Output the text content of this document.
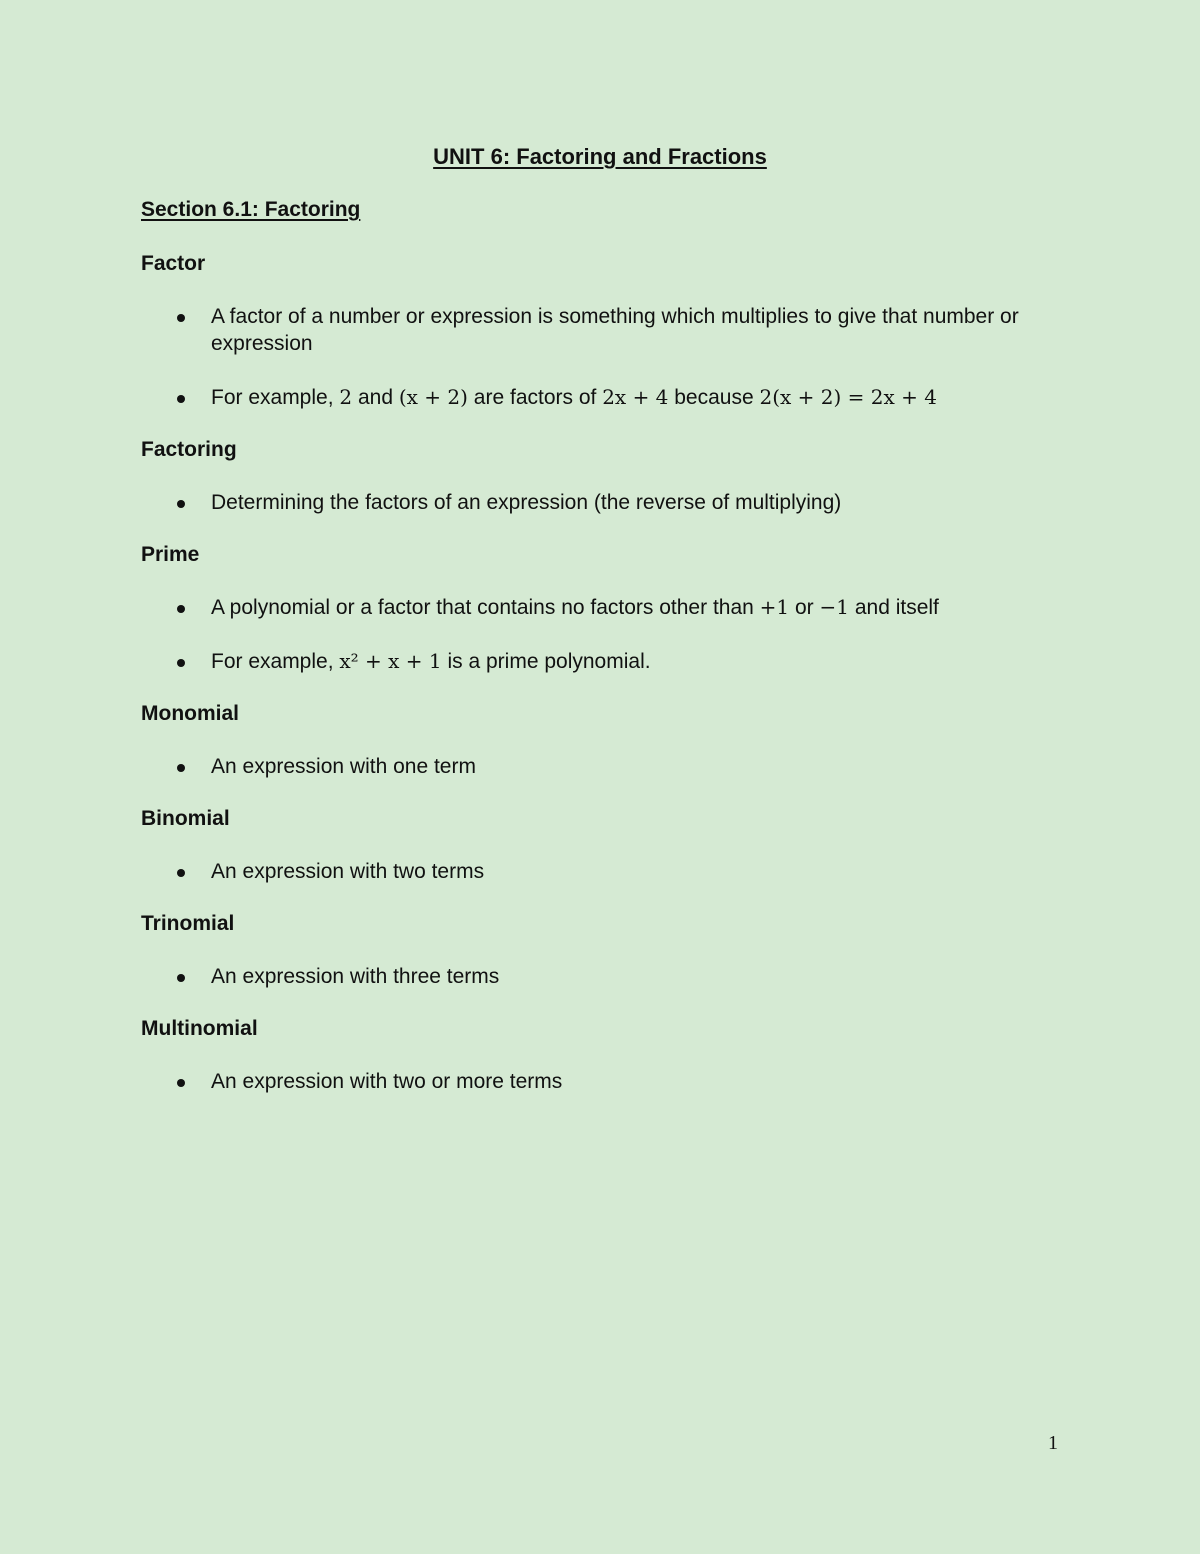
UNIT 6: Factoring and Fractions
Section 6.1: Factoring
Factor
A factor of a number or expression is something which multiplies to give that number or expression
For example, 2 and (x + 2) are factors of 2x + 4 because 2(x + 2) = 2x + 4
Factoring
Determining the factors of an expression (the reverse of multiplying)
Prime
A polynomial or a factor that contains no factors other than +1 or −1 and itself
For example, x² + x + 1 is a prime polynomial.
Monomial
An expression with one term
Binomial
An expression with two terms
Trinomial
An expression with three terms
Multinomial
An expression with two or more terms
1
